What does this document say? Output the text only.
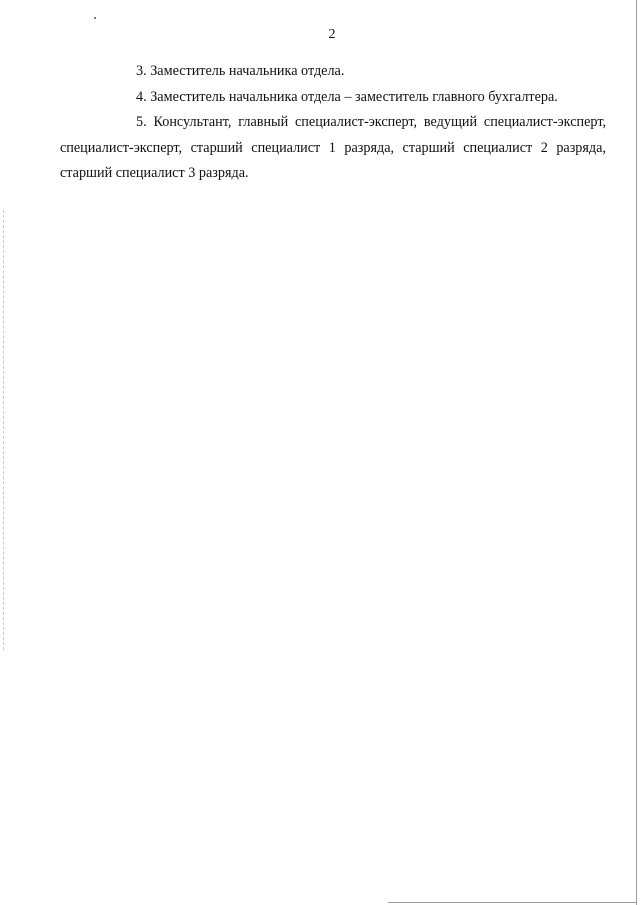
2

3. Заместитель начальника отдела.

4. Заместитель начальника отдела – заместитель главного бухгалтера.

5. Консультант, главный специалист-эксперт, ведущий специалист-эксперт, специалист-эксперт, старший специалист 1 разряда, старший специалист 2 разряда, старший специалист 3 разряда.
